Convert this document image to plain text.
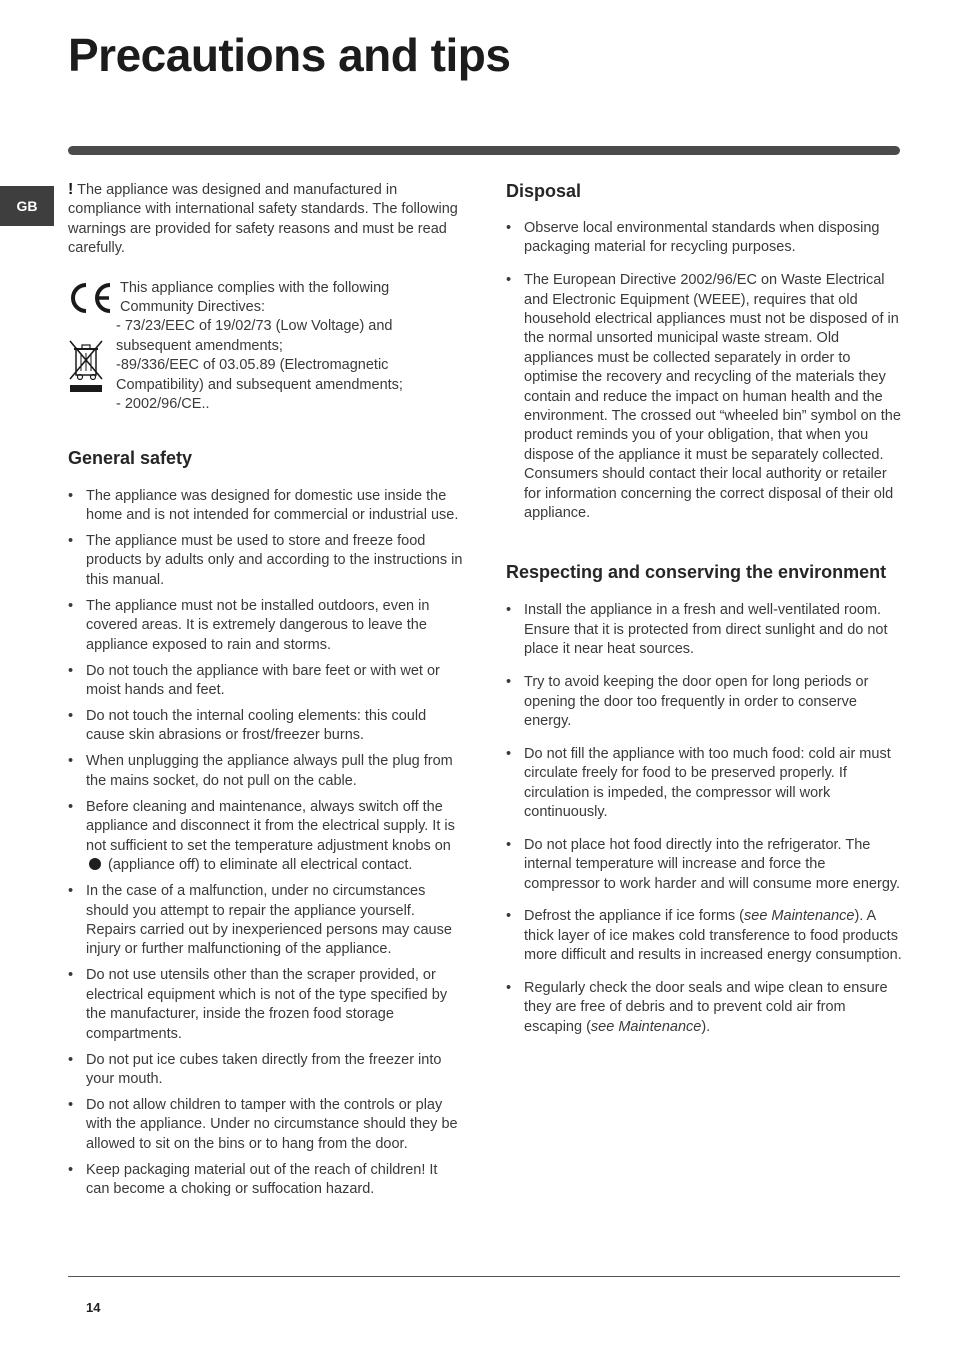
Precautions and tips
GB

! The appliance was designed and manufactured in compliance with international safety standards. The following warnings are provided for safety reasons and must be read carefully.

This appliance complies with the following

Community Directives:

- 73/23/EEC of 19/02/73 (Low Voltage) and

subsequent amendments;

-89/336/EEC of 03.05.89 (Electromagnetic

Compatibility) and subsequent amendments;

- 2002/96/CE..

General safety
• The appliance was designed for domestic use inside the home and is not intended for commercial or industrial use.
• The appliance must be used to store and freeze food products by adults only and according to the instructions in this manual.
• The appliance must not be installed outdoors, even in covered areas. It is extremely dangerous to leave the appliance exposed to rain and storms.
• Do not touch the appliance with bare feet or with wet or moist hands and feet.
• Do not touch the internal cooling elements: this could cause skin abrasions or frost/freezer burns.
• When unplugging the appliance always pull the plug from the mains socket, do not pull on the cable.
• Before cleaning and maintenance, always switch off the appliance and disconnect it from the electrical supply. It is not sufficient to set the temperature adjustment knobs on (appliance off) to eliminate all electrical contact.
• In the case of a malfunction, under no circumstances should you attempt to repair the appliance yourself. Repairs carried out by inexperienced persons may cause injury or further malfunctioning of the appliance.
• Do not use utensils other than the scraper provided, or electrical equipment which is not of the type specified by the manufacturer, inside the frozen food storage compartments.
• Do not put ice cubes taken directly from the freezer into your mouth.
• Do not allow children to tamper with the controls or play with the appliance. Under no circumstance should they be allowed to sit on the bins or to hang from the door.
• Keep packaging material out of the reach of children! It can become a choking or suffocation hazard.
Disposal
• Observe local environmental standards when disposing packaging material for recycling purposes.
• The European Directive 2002/96/EC on Waste Electrical and Electronic Equipment (WEEE), requires that old household electrical appliances must not be disposed of in the normal unsorted municipal waste stream. Old appliances must be collected separately in order to optimise the recovery and recycling of the materials they contain and reduce the impact on human health and the environment. The crossed out “wheeled bin” symbol on the product reminds you of your obligation, that when you dispose of the appliance it must be separately collected.

Consumers should contact their local authority or retailer for information concerning the correct disposal of their old appliance.

Respecting and conserving the environment
• Install the appliance in a fresh and well-ventilated room. Ensure that it is protected from direct sunlight and do not place it near heat sources.
• Try to avoid keeping the door open for long periods or opening the door too frequently in order to conserve energy.
• Do not fill the appliance with too much food: cold air must circulate freely for food to be preserved properly. If circulation is impeded, the compressor will work continuously.
• Do not place hot food directly into the refrigerator. The internal temperature will increase and force the compressor to work harder and will consume more energy.
• Defrost the appliance if ice forms (see Maintenance). A thick layer of ice makes cold transference to food products more difficult and results in increased energy consumption.
• Regularly check the door seals and wipe clean to ensure they are free of debris and to prevent cold air from escaping (see Maintenance).
14
